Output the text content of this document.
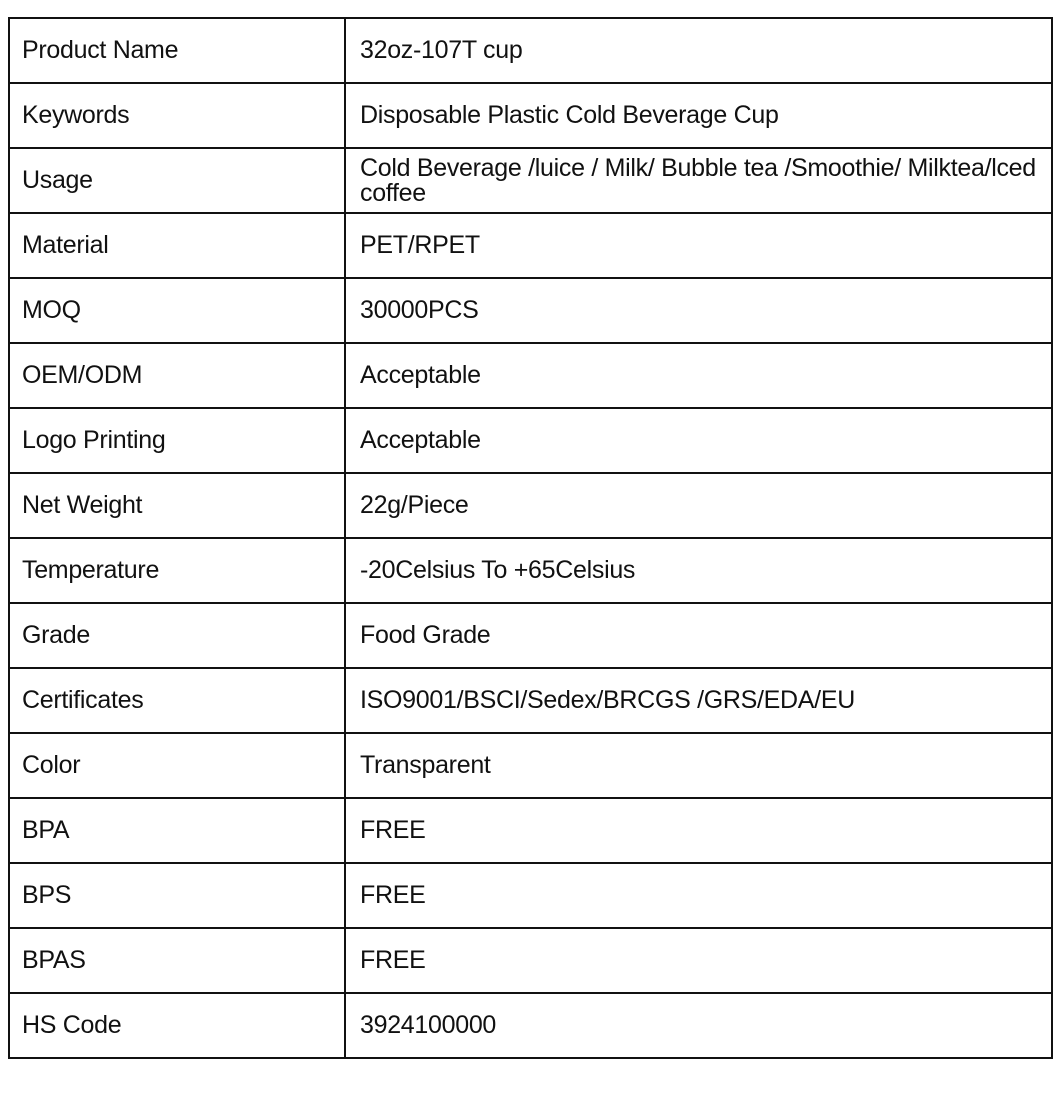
Product Name	32oz-107T cup
Keywords	Disposable Plastic Cold Beverage Cup
Usage	Cold Beverage /luice / Milk/ Bubble tea /Smoothie/ Milktea/lced coffee
Material	PET/RPET
MOQ	30000PCS
OEM/ODM	Acceptable
Logo Printing	Acceptable
Net Weight	22g/Piece
Temperature	-20Celsius To +65Celsius
Grade	Food Grade
Certificates	ISO9001/BSCI/Sedex/BRCGS /GRS/EDA/EU
Color	Transparent
BPA	FREE
BPS	FREE
BPAS	FREE
HS Code	3924100000
